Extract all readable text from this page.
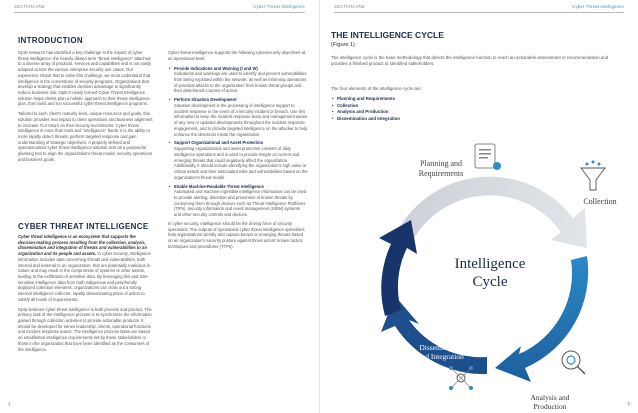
SECTION ONE	Cyber Threat Intelligence
INTRODUCTION

Optiv research has identified a key challenge to the impact of cyber threat intelligence: the heavily diluted term "threat intelligence" attached to a diverse array of products, services and capabilities and is not easily adopted across the various enterprise security use cases. Our experience shows that to solve this challenge, we must understand that intelligence is the cornerstone of security programs. Organizations that develop a strategy that enables decision advantage to significantly reduce business risk. Optiv's newly formed Cyber Threat Intelligence solution helps clients plan a holistic approach to their threat intelligence plan, then build and run successful cyber threat intelligence programs.

Tailored to each client's maturity level, unique resources and goals, this solution provides real impact to client operations and business alignment to increase TLA return on their security investments. Cyber threat intelligence is more than tools and "intelligence" feeds; it is the ability to more rapidly detect threats, perform targeted response and gain understanding of strategic objectives. A properly defined and operationalized cyber threat intelligence solution acts as a purposeful planning tool to align the organization's threat model, security operations and business goals.

CYBER THREAT INTELLIGENCE

Cyber threat intelligence is an ecosystem that supports the decision-making process resulting from the collection, analysis, dissemination and integration of threats and vulnerabilities to an organization and its people and assets. In cyber security, intelligence information includes data concerning threats and vulnerabilities, both internal and external to an organization, that are potentially malicious in nature and may result in the compromise of systems or other assets, leading to the exfiltration of sensitive data. By leveraging this and time-sensitive intelligence data from both indigenous and peripherally deployed collection elements, organizations can close out a strong internal intelligence collector, rapidly disseminating plans of action to satisfy all levels of requirements.

Optiv believes cyber threat intelligence is both process and product. The primary task of the intelligence process is to synchronize the information gained through collection activities to provide actionable products. It should be developed for senior leadership, clients, operational functions and incident response teams. The intelligence process takes are based on established intelligence requirements set by these stakeholders or those in the organization that have been identified as the consumers of the intelligence.

Cyber threat intelligence supports the following cybersecurity objectives at an operational level:

• Provide Indications and Warning (I and W)
Indications and warnings are used to identify and prevent vulnerabilities from being exploited within the network, as well as informing operations of potential attacks to the organization from known threat groups and their determined courses of action.
• Perform Situation Development
Situation development is the processing of intelligence support to incident response in the event of a security incident or breach. Use this information to keep the incident response team and management aware of any new or updated developments throughout the incident response engagement, and to provide targeted intelligence on the attacker to help enhance the directions inside the organization.
• Support Organizational and Asset Protection
Supporting organizational and asset protection consists of daily intelligence operations and is used to provide insight on current and emerging threats that could negatively affect the organization. Additionally, it should include identifying the organization's high value or critical assets and their associated risks and vulnerabilities based on the organization's threat model.
• Enable Machine-Readable Threat Intelligence
Automated and machine ingestible intelligence information can be used to provide alerting, detection and prevention of known threats by consuming them through devices such as Threat Intelligence Platforms (TIPs), security information and event management (SIEM) systems and other security controls and devices.

In cyber security, intelligence should be the driving force of security operations. The outputs of operational cyber threat intelligence operations help organizations identify and capture known or emerging threats based on an organization's security posture against threat actors' known tactics, techniques and procedures (TTPs).

1
SECTION ONE	Cyber Threat Intelligence
2
THE INTELLIGENCE CYCLE
(Figure 1)
The intelligence cycle is the base methodology that directs the intelligence function to reach an actionable assessment or recommendation and provides a finished product to identified stakeholders.
The four elements of the intelligence cycle are:
• Planning and Requirements
• Collection
• Analysis and Production
• Dissemination and Integration
Intelligence
Cycle
Planning and
Requirements
Collection
Analysis and
Production
Dissemination
and Integration
